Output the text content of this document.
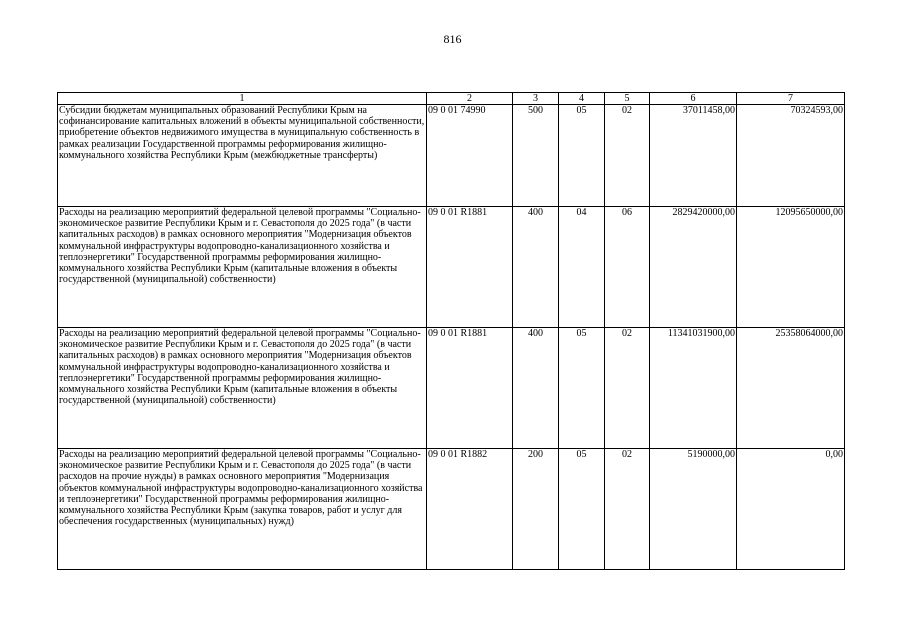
816
1	2	3	4	5	6	7
Субсидии бюджетам муниципальных образований Республики Крым на софинансирование капитальных вложений в объекты муниципальной собственности, приобретение объектов недвижимого имущества в муниципальную собственность в рамках реализации Государственной программы реформирования жилищно-коммунального хозяйства Республики Крым (межбюджетные трансферты)	09 0 01 74990	500	05	02	37011458,00	70324593,00
Расходы на реализацию мероприятий федеральной целевой программы "Социально-экономическое развитие Республики Крым и г. Севастополя до 2025 года" (в части капитальных расходов) в рамках основного мероприятия "Модернизация объектов коммунальной инфраструктуры водопроводно-канализационного хозяйства и теплоэнергетики" Государственной программы реформирования жилищно-коммунального хозяйства Республики Крым (капитальные вложения в объекты государственной (муниципальной) собственности)	09 0 01 R1881	400	04	06	2829420000,00	12095650000,00
Расходы на реализацию мероприятий федеральной целевой программы "Социально-экономическое развитие Республики Крым и г. Севастополя до 2025 года" (в части капитальных расходов) в рамках основного мероприятия "Модернизация объектов коммунальной инфраструктуры водопроводно-канализационного хозяйства и теплоэнергетики" Государственной программы реформирования жилищно-коммунального хозяйства Республики Крым (капитальные вложения в объекты государственной (муниципальной) собственности)	09 0 01 R1881	400	05	02	11341031900,00	25358064000,00
Расходы на реализацию мероприятий федеральной целевой программы "Социально-экономическое развитие Республики Крым и г. Севастополя до 2025 года" (в части расходов на прочие нужды) в рамках основного мероприятия "Модернизация объектов коммунальной инфраструктуры водопроводно-канализационного хозяйства и теплоэнергетики" Государственной программы реформирования жилищно-коммунального хозяйства Республики Крым (закупка товаров, работ и услуг для обеспечения государственных (муниципальных) нужд)	09 0 01 R1882	200	05	02	5190000,00	0,00
